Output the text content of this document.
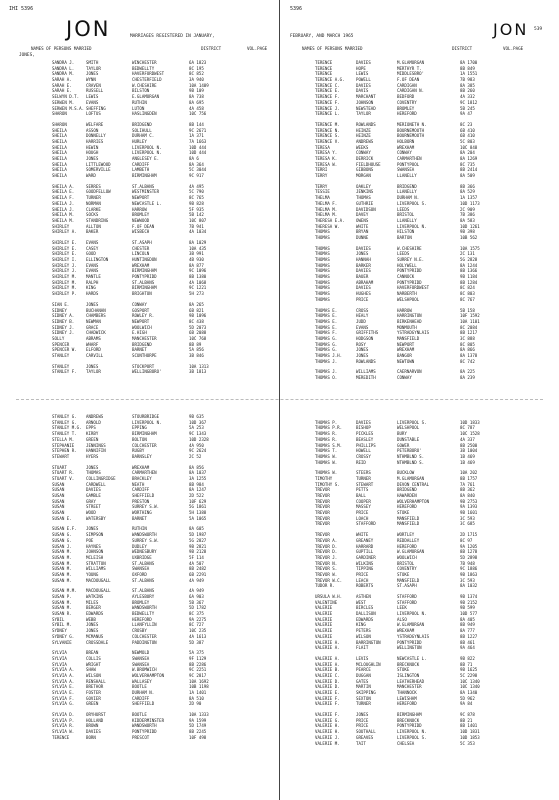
IHI 5396	5396
JON	JON 539
MARRIAGES REGISTERED IN JANUARY,	FEBRUARY, AND MARCH 1965
NAMES OF PERSONS MARRIED	DISTRICT	VOL.PAGE	NAMES OF PERSONS MARRIED	DISTRICT	VOL.PAGE
JONES,
SANDRA J.	SMITH	WINCHESTER	6A 1823
SANDRA L.	TAYLOR	BEDWELLTY	8C 195
SANDRA M.	JONES	HAVERFORDWEST	8C 852
SARAH A.	WYNN	CHESTERFIELD	3A 940
SARAH E.	CRAVEN	W.CHESHIRE	10A 1409
SARAH E.	RUSSELL	BILSTON	9B 109
SELWYN D.T. LEWIS	E.GLAMORGAN	8A 738
SERWEN M.	EVANS	RUTHIN	8A 695
SERWEN M.S.A. SHEFFING	LUTON	4A 458
SHARON	LOFTUS	HASLINGDEN	10C 756
SHARON	WELFARE	BRIDGEND	8B 144
SHEILA	ASSON	SOLIHULL	9C 2671
SHEILA	DONNELLY	DURHAM C.	1A 371
SHEILA	HARRIES	HURLEY	7A 1663
SHEILA	HEWIN	LIVERPOOL N.	10D 444
SHEILA	HOUGH	LIVERPOOL N.	10D 444
SHEILA	JONES	ANGLESEY E.	8A 6
SHEILA	LITTLEWOOD	CARDIFF	8A 364
SHEILA	SOMERVILLE	LAMBETH	5C 3044
SHEILA	WARD	BIRMINGHAM	9C 917
SHEILA A.	SERRES	ST.ALBANS	4A 495
SHEILA E.	GOODFELLOW	WESTMINSTER	5C 790
SHEILA F.	TURNER	NEWPORT	8C 765
SHEILA J.	NORMAN	NEWCASTLE L.	9B 828
SHEILA J.	CLARKE	HARROW	5F 935
SHEILA M.	SOCKS	BROMLEY	5B 142
SHEILA M.	STANDRING	NEWWOOD	10C 807
SHIRLEY	ALLTON	F.OF DEAN	7B 941
SHIRLEY A. BAKER	WISBECH	4A 1034
SHIRLEY E. EVANS	ST.ASAPH	8A 1029
SHIRLEY E. CASEY	CHESTER	10A 435
SHIRLEY E. GOOD	LINCOLN	3B 991
SHIRLEY I. ELLINGTON	HUNTINGDON	4B 930
SHIRLEY J. EVANS	WREXHAM	8A 877
SHIRLEY J. EVANS	BIRMINGHAM	9C 1096
SHIRLEY M. MANTLE	PONTYPRIDD	8B 1380
SHIRLEY M. RALPH	ST.ALBANS	4A 1068
SHIRLEY M. KING	BIRMINGHAM	9C 1221
SHIRLEY P. HARDS	BRIGHTON	5H 273
SIAN E.	JONES	CONWAY	8A 265
SIDNEY	BUCHANAN	GOSPORT	6B 821
SIDNEY A.	CHAMBERS	ROWLEY R.	9B 1096
SIDNEY B.	NEWMAN	NEWPORT	8C 438
SIDNEY J.	GRACE	WOOLWICH	5D 2073
SIDNEY J.	CHADWICK	E.HIGH	6B 2088
SOLLY	ABRAMS	MANCHESTER	10C 768
SPENCER	WHARF	BRIDGEND	8B 89
SPENCER W. ELFORD	BARNET	5A 856
STANLEY	CARVILL	SCUNTHORPE	3B 846
STANLEY	JONES	STOCKPORT	10A 1313
STANLEY F. TAYLOR	WELLINGBORO'	3B 1813
STANLEY G. ANDREWS	STOURBRIDGE	9B 635
STANLEY G. ARNOLD	LIVERPOOL N.	10D 367
STANLEY M.G. EPPS	EPPING	5A 253
STANLEY T. KIRBY	BIRMINGHAM	9C 1343
STELLA M.	GREEN	BOLTON	10D 2328
STEPHANIE	JENNINGS	COLCHESTER	4A 950
STEPHEN R. HANNIFIN	RUGBY	9C 2624
STEWART	HYERS	BARNSLEY	2C 52
STUART	JONES	WREXHAM	8A 856
STUART R.	THOMAS	CARMARTHEN	8A 1037
STUART V.	COLLINGRIDGE	BRACKLEY	3A 1255
SUSAN	CARDWELL	NEATH	8B 984
SUSAN	DAVIES	CARDIFF	8A 1247
SUSAN	GAMBLE	SHEFFIELD	2D 522
SUSAN	GRAY	PRESTON	10F 629
SUSAN	STREET	SURREY S.W.	5G 1861
SUSAN	WOOD	WORTHING	5H 1388
SUSAN E.	WATERSBY	BARNET	5A 1065
SUSAN E.F. JONES	RUTHIN	8A 605
SUSAN G.	SIMPSON	WANDSWORTH	5D 1987
SUSAN G.	POE	SURREY S.W.	5G 2827
SUSAN J.	HAYNES	DUDLEY	9B 2821
SUSAN M.	JOHNSON	WEDNESBURY	9B 2128
SUSAN M.	MCLEISH	UXBRIDGE	5F 114
SUSAN M.	STRATTON	ST.ALBANS	4A 507
SUSAN M.	WILLIAMS	SWANSEA	8B 2482
SUSAN M.	YOUNG	OXFORD	6B 2291
SUSAN M.	MACDOUGALL	ST.ALBANS	4A 949
SUSAN M.M. MACDOUGALL	ST.ALBANS	4A 949
SUSAN P.	WATKINS	AYLESBURY	6A 903
SUSAN M.	MILES	BROMLEY	5B 367
SUSAN M.	BERGER	WANDSWORTH	5D 1782
SUSAN R.	EDWARDS	BEDWELLTY	8C 375
SYBIL	WEBB	HEREFORD	9A 2275
SYBIL M.	JONES	LLANFYLLIN	8C 727
SYDNEY	JONES	CROSBY	10C 235
SYDNEY G.	MCMANUS	COLCHESTER	4A 1613
SYLVANIE	CROSSDALE	PADDINGTON	5D 387
SYLVIA	BREAN	NEWMOLD	5A 375
SYLVIA	COLLIS	SWANSEA	9F 1129
SYLVIA	WRIGHT	SWANSEA	8B 2286
SYLVIA A.	SHAW	W.BROMWICH	9C 2251
SYLVIA A.	WILSON	WOLVERHAMPTON	9C 2817
SYLVIA A.	RENSHALL	WALLASEY	10A 1692
SYLVIA E.	BRETHOR	BOOTLE	10B 1198
SYLVIA E.	FOSTER	DURHAM N.	1A 1401
SYLVIA F.	GOVIER	CARDIFF	8A 510
SYLVIA G.	GREEN	SHEFFIELD	2D 90
SYLVIA D.	ORYHURST	BOOTLE	10A 1333
SYLVIA P.	HOLLAND	KIDDERMINSTER	9A 1599
SYLVIA R.	BROWN	WANDSWORTH	5D 1749
SYLVIA W.	DAVIES	PONTYPRIDD	8B 2245
TERENCE	BORN	PRESCOT	10F 498
TERENCE	DAVIES	M.GLAMORGAN	8A 1700
TERENCE	HOPE	MERTHYR T.	8B 849
TERENCE	LEWIS	MIDDLESBRO'	1A 1551
TERENCE A.G.	POWELL	F.OF DEAN	7B 983
TERENCE C.	DAVIES	CARDIGAN	8A 385
TERENCE E.	DAVIS	CARDIGAN N.	8B 260
TERENCE F.	MARCHANT	BEDFORD	4A 332
TERENCE F.	JOHNSON	COVENTRY	9C 1812
TERENCE J.	NEWSTEAD	BROMLEY	5B 245
TERENCE L.	TAYLOR	HEREFORD	9A 47
TERENCE M.	ROWLANDS	MERIONETH N.	8C 23
TERENCE N.	HEINZE	BOURNEMOUTH	6B 410
TERENCE S.	HEINZE	BOURNEMOUTH	6B 410
TERENCE V.	ANDREWS	HOLBORN	5C 803
TERESA	WEEKS	WREXHAM	10C 848
TERESA Y.	CONWAY	CONWAY	8A 204
TERESA K.	DERRICK	CARMARTHEN	8A 1269
TERESA W.	FIELDHOUSE	PONTYPOOL	8C 735
TERRI	GIBBONS	SWANSEA	8B 2414
TERRY	MORGAN	LLANELLY	8A 509
TERRY	OAKLEY	BRIDGEND	8B 366
TESSIE	JENKINS	LLANELLY	8A 529
THELMA	THOMAS	DURHAM N.	1A 1357
THELMA F.	GUTHRIE	LIVERPOOL S.	10D 1173
THELMA M.	DAVIDSON	LEEDS	2C 909
THELMA M.	DAVEY	BRISTOL	7B 386
THERESA E.A.	OWENS	LLANELLY	8A 583
THERESA W.	WHITE	LIVERPOOL N.	10D 1261
THOMAS	BRYAN	HILSTON	9B 398
THOMAS	DUNNE	BARTON	10B 562
THOMAS	DAVIES	W.CHESHIRE	10A 1575
THOMAS	JONES	LEEDS	2C 131
THOMAS	HANNAH	SURREY N.E.	5G 2828
THOMAS	BARKER	HOLYWELL	8A 1244
THOMAS	DAVIES	PONTYPRIDD	8B 1366
THOMAS	BAUER	CANNOCK	9B 1184
THOMAS	ABRAHAM	PONTYPRIDD	8B 1284
THOMAS	DAVIES	HAVERFORDWEST	8C 824
THOMAS	HUGHES	NARBERTH	8C 803
THOMAS	PRICE	WELSHPOOL	8C 767
THOMAS E.	CROSS	HARROW	5B 158
THOMAS E.	HEALY	HARRINGTON	10F 1592
THOMAS E.	JUDD	BIRKENHEAD	10A 1101
THOMAS E.	EVANS	MONMOUTH	8C 2084
THOMAS F.	GRIFFITHS	YSTRADGYNLAIS	8B 1217
THOMAS G.	HODGSON	MANSFIELD	3C 888
THOMAS G.	ROSY	NEWPORT	8C 805
THOMAS G.	JONES	WREXHAM	8A 866
THOMAS J.H.	JONES	BANGOR	8A 1378
THOMAS J.	ROWLANDS	NEWTOWN	8C 742
THOMAS J.	WILLIAMS	CAERNARVON	8A 225
THOMAS O.	MEREDITH	CONWAY	8A 239
THOMAS P.	DAVIES	LIVERPOOL S.	10D 1833
THOMAS P.R.	BISHOP	WELSHPOOL	8C 787
THOMAS R.	PICKLES	BURY	10C 1528
THOMAS R.	BEASLEY	DUNSTABLE	4A 337
THOMAS S.M.	PHILLIPS	GOWER	8B 2500
THOMAS T.	HOWELL	PETERBORO'	3B 1004
THOMAS W.	CROSSY	NTHMBLND S.	1B 469
THOMAS W.	REID	NTHMBLND S.	1B 469
THOMAS W.	STEERS	BUCKLOW	10A 202
TIMOTHY	TURNER	M.GLAMORGAN	8B 1757
TIMOTHY S.	STEWART	DEVON CENTRAL	7A 761
TREVOR	PETTS	BRIDGEND	8B 362
TREVOR	BALL	HAWARDEN	8A 840
TREVOR	COOPER	WOLVERHAMPTON	9B 2753
TREVOR	MASSEY	HEREFORD	9A 1393
TREVOR	PRICE	STOKE	9B 1601
TREVOR	LOACH	MANSFIELD	3C 593
TREVOR	STAFFORD	MANSFIELD	3C 685
TREVOR	WHITE	WORTLEY	2D 1715
TREVOR A.	GREANEY	REDDALLEY	8C 97
TREVOR D.	HARRARD	HEREFORD	9A 1205
TREVOR D.	GUPTILL	W.GLAMORGAN	8B 1278
TREVOR J.	GARDINER	WOOLWICH	5D 2898
TREVOR N.	WILKINS	BRISTOL	7B 948
TREVOR S.	TIPPING	COVENTRY	9C 1886
TREVOR W.	PRICE	STOKE	9B 1863
TREVOR W.C.	LEACH	MANSFIELD	3C 593
TUDOR R.	ROBERTS	ST.ASAPH	8A 1032
URSULA W.H.	ASTHEN	STAFFORD	9B 1374
VALENTINE	WEST	STAFFORD	9B 2152
VALERIE	BIRCLES	LEEK	9B 599
VALERIE	DALLISON	LIVERPOOL N.	10D 577
VALERIE	EDWARDS	ALSO	8A 405
VALERIE	KING	W.GLAMORGAN	8B 949
VALERIE	PETERS	WREXHAM	8A 777
VALERIE	WILSON	YSTRADGYNLAIS	8B 1227
VALERIE A.	BARRINGTON	PONTYPRIDD	8B 461
VALERIE A.	FLAIT	WELLINGTON	9A 464
VALERIE A.	LEVIS	NEWCASTLE L.	9B 822
VALERIE A.	MCLOUGHLIN	BRECKNOCK	8B 71
VALERIE B.	PEARCE	STOKE	9B 1625
VALERIE C.	DUGGAN	ISLINGTON	5C 2298
VALERIE D.	GATES	LEATHERHEAD	10C 1340
VALERIE D.	MARTIN	MANCHESTER	10C 1340
VALERIE E.	SKIPPING	THANNOCK	8A 1340
VALERIE F.	SEXTON	LEWISHAM	5D 962
VALERIE F.	TURNER	HEREFORD	9A 84
VALERIE F.	JONES	BIRMINGHAM	9C 878
VALERIE G.	PRICE	BRECKNOCK	8B 21
VALERIE H.	PRICE	PONTYPRIDD	8B 1401
VALERIE H.	SOUTHALL	LIVERPOOL N.	10D 1831
VALERIE J.	GREAVES	LIVERPOOL S.	10D 1853
VALERIE M.	TAIT	CHELSEA	5C 353
